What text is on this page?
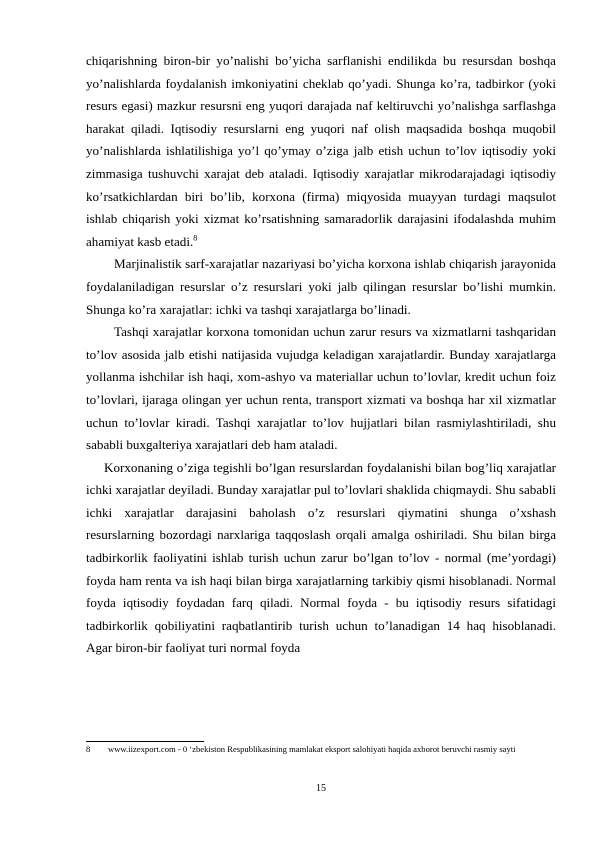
chiqarishning biron-bir yo’nalishi bo’yicha sarflanishi endilikda bu resursdan boshqa yo’nalishlarda foydalanish imkoniyatini cheklab qo’yadi. Shunga ko’ra, tadbirkor (yoki resurs egasi) mazkur resursni eng yuqori darajada naf keltiruvchi yo’nalishga sarflashga harakat qiladi. Iqtisodiy resurslarni eng yuqori naf olish maqsadida boshqa muqobil yo’nalishlarda ishlatilishiga yo’l qo’ymay o’ziga jalb etish uchun to’lov iqtisodiy yoki zimmasiga tushuvchi xarajat deb ataladi. Iqtisodiy xarajatlar mikrodarajadagi iqtisodiy ko’rsatkichlardan biri bo’lib, korxona (firma) miqyosida muayyan turdagi maqsulot ishlab chiqarish yoki xizmat ko’rsatishning samaradorlik darajasini ifodalashda muhim ahamiyat kasb etadi.$^8$

Marjinalistik sarf-xarajatlar nazariyasi bo’yicha korxona ishlab chiqarish jarayonida foydalaniladigan resurslar o’z resurslari yoki jalb qilingan resurslar bo’lishi mumkin. Shunga ko’ra xarajatlar: ichki va tashqi xarajatlarga bo’linadi.

Tashqi xarajatlar korxona tomonidan uchun zarur resurs va xizmatlarni tashqaridan to’lov asosida jalb etishi natijasida vujudga keladigan xarajatlardir. Bunday xarajatlarga yollanma ishchilar ish haqi, xom-ashyo va materiallar uchun to’lovlar, kredit uchun foiz to’lovlari, ijaraga olingan yer uchun renta, transport xizmati va boshqa har xil xizmatlar uchun to’lovlar kiradi. Tashqi xarajatlar to’lov hujjatlari bilan rasmiylashtiriladi, shu sababli buxgalteriya xarajatlari deb ham ataladi.

Korxonaning o’ziga tegishli bo’lgan resurslardan foydalanishi bilan bog’liq xarajatlar ichki xarajatlar deyiladi. Bunday xarajatlar pul to’lovlari shaklida chiqmaydi. Shu sababli ichki xarajatlar darajasini baholash o’z resurslari qiymatini shunga o’xshash resurslarning bozordagi narxlariga taqqoslash orqali amalga oshiriladi. Shu bilan birga tadbirkorlik faoliyatini ishlab turish uchun zarur bo’lgan to’lov - normal (me’yordagi) foyda ham renta va ish haqi bilan birga xarajatlarning tarkibiy qismi hisoblanadi. Normal foyda iqtisodiy foydadan farq qiladi. Normal foyda - bu iqtisodiy resurs sifatidagi tadbirkorlik qobiliyatini raqbatlantirib turish uchun to’lanadigan 14 haq hisoblanadi. Agar biron-bir faoliyat turi normal foyda

8 www.iizexport.com - 0 ‘zbekiston Respublikasining mamlakat eksport salohiyati haqida axborot beruvchi rasmiy sayti
15
